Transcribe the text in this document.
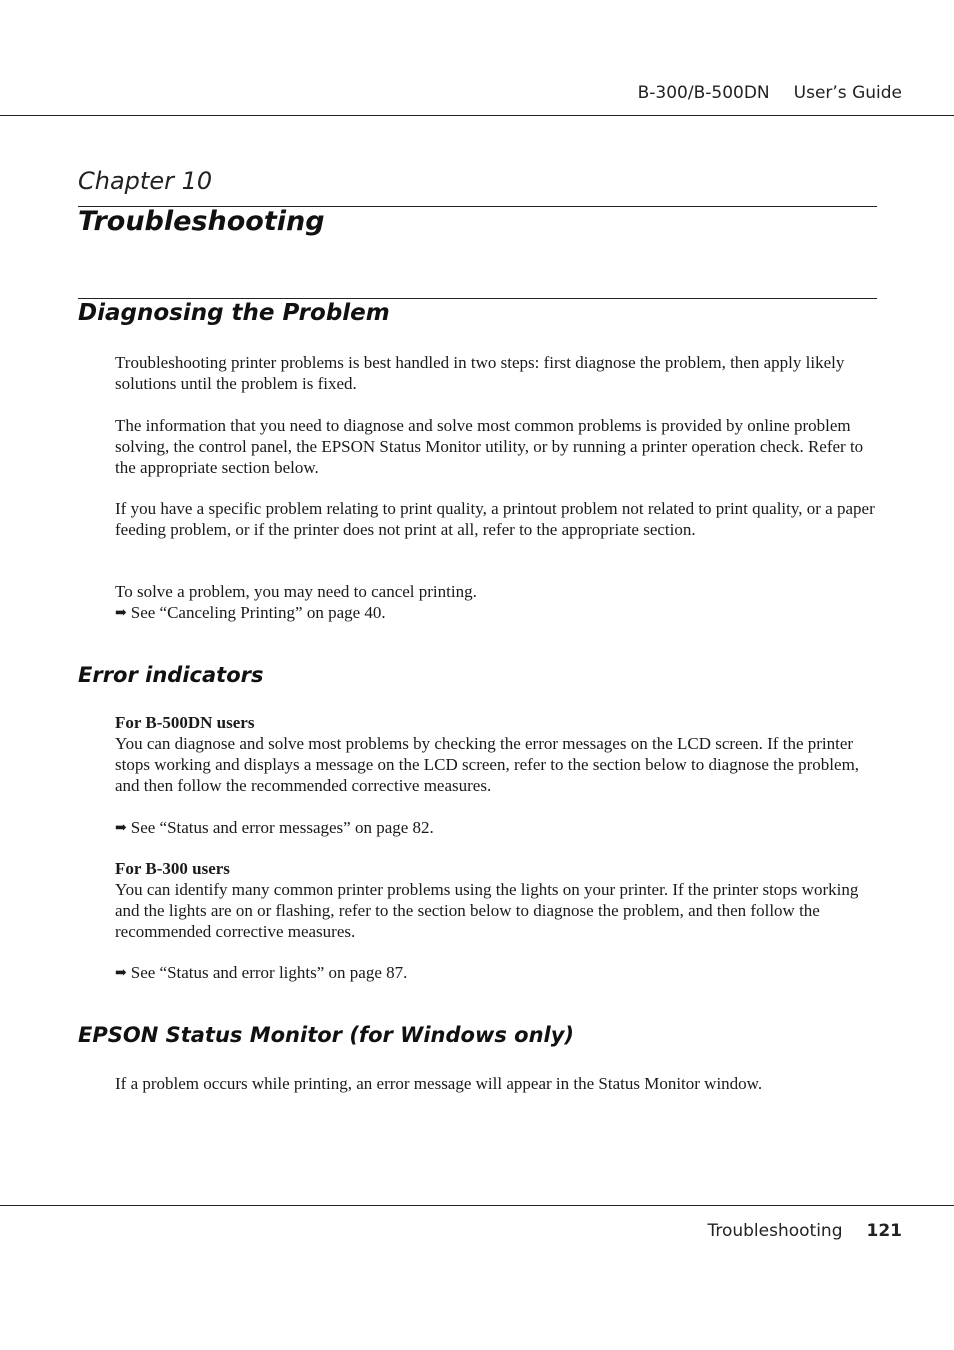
B-300/B-500DN User’s Guide
Chapter 10
Troubleshooting
Diagnosing the Problem

Troubleshooting printer problems is best handled in two steps: first diagnose the problem, then apply likely solutions until the problem is fixed.

The information that you need to diagnose and solve most common problems is provided by online problem solving, the control panel, the EPSON Status Monitor utility, or by running a printer operation check. Refer to the appropriate section below.

If you have a specific problem relating to print quality, a printout problem not related to print quality, or a paper feeding problem, or if the printer does not print at all, refer to the appropriate section.

To solve a problem, you may need to cancel printing.

➡ See “Canceling Printing” on page 40.

Error indicators

For B-500DN users

You can diagnose and solve most problems by checking the error messages on the LCD screen. If the printer stops working and displays a message on the LCD screen, refer to the section below to diagnose the problem, and then follow the recommended corrective measures.

➡ See “Status and error messages” on page 82.

For B-300 users

You can identify many common printer problems using the lights on your printer. If the printer stops working and the lights are on or flashing, refer to the section below to diagnose the problem, and then follow the recommended corrective measures.

➡ See “Status and error lights” on page 87.

EPSON Status Monitor (for Windows only)

If a problem occurs while printing, an error message will appear in the Status Monitor window.

Troubleshooting 121
